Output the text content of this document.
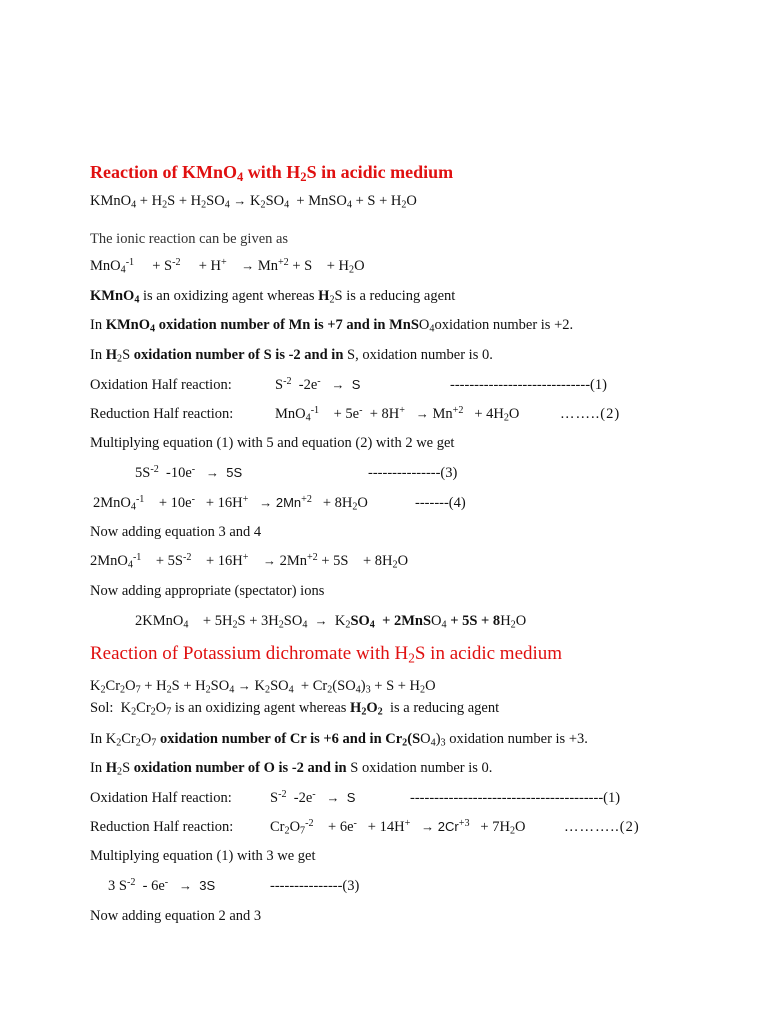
Reaction of KMnO$_4$ with $H_2S$ in acidic medium
KMnO$_4$ + $H_2S + H_2SO_4 \to K_2SO_4$  + MnSO$_4$ + $S + H_2O$
The ionic reaction can be given as
MnO$_4^{-1}$     + $S^{-2}$     + $H^+ \to Mn^{+2} + S$    + $H_2O$
KMnO$_4$ is an oxidizing agent whereas $H_2S$ is a reducing agent
In KMnO$_4$ oxidation number of Mn is +7 and in MnSO$_4$oxidation number is +2.
In $H_2S$ oxidation number of S is -2 and in S, oxidation number is 0.
Oxidation Half reaction:	$S^{-2}$  -2e- → S	-----------------------------(1)
Reduction Half reaction:	MnO$_4^{-1}$    + $5e^- + 8H^+ \to Mn^{+2} + 4H_2O$	……..(2)
Multiplying equation (1) with 5 and equation (2) with 2 we get
$5S^{-2}$  -10e- → 5S	---------------(3)
2MnO$_4^{-1}$    + $10e^- + 16H^+ \to 2Mn^{+2} + 8H_2O$	-------(4)
Now adding equation 3 and 4
2MnO$_4^{-1}$    + $5S^{-2}$    + $16H^+ \to 2Mn^{+2} + 5S$    + $8H_2O$
Now adding appropriate (spectator) ions
2KMnO$_4$    + $5H_2S + 3H_2SO_4 \to K_2SO_4$  + 2MnSO$_4$ + $5S + 8H_2O$
Reaction of Potassium dichromate with $H_2S$ in acidic medium
$K_2Cr_2O_7 + H_2S + H_2SO_4 \to K_2SO_4 + Cr_2(SO_4)_3 + S + H_2O$
Sol:  $K_2Cr_2O_7$ is an oxidizing agent whereas $H_2O_2$  is a reducing agent
In $K_2Cr_2O_7$ oxidation number of Cr is +6 and in $Cr_2(SO_4)_3$ oxidation number is +3.
In $H_2S$ oxidation number of O is -2 and in S oxidation number is 0.
Oxidation Half reaction:	$S^{-2}$  -2e- → S	----------------------------------------(1)
Reduction Half reaction:	$Cr_2O_7^{-2}$    + $6e^- + 14H^+ \to 2Cr^{+3} + 7H_2O$	………..(2)
Multiplying equation (1) with 3 we get
3 $S^{-2} - 6e^- \to 3S$	---------------(3)
Now adding equation 2 and 3
